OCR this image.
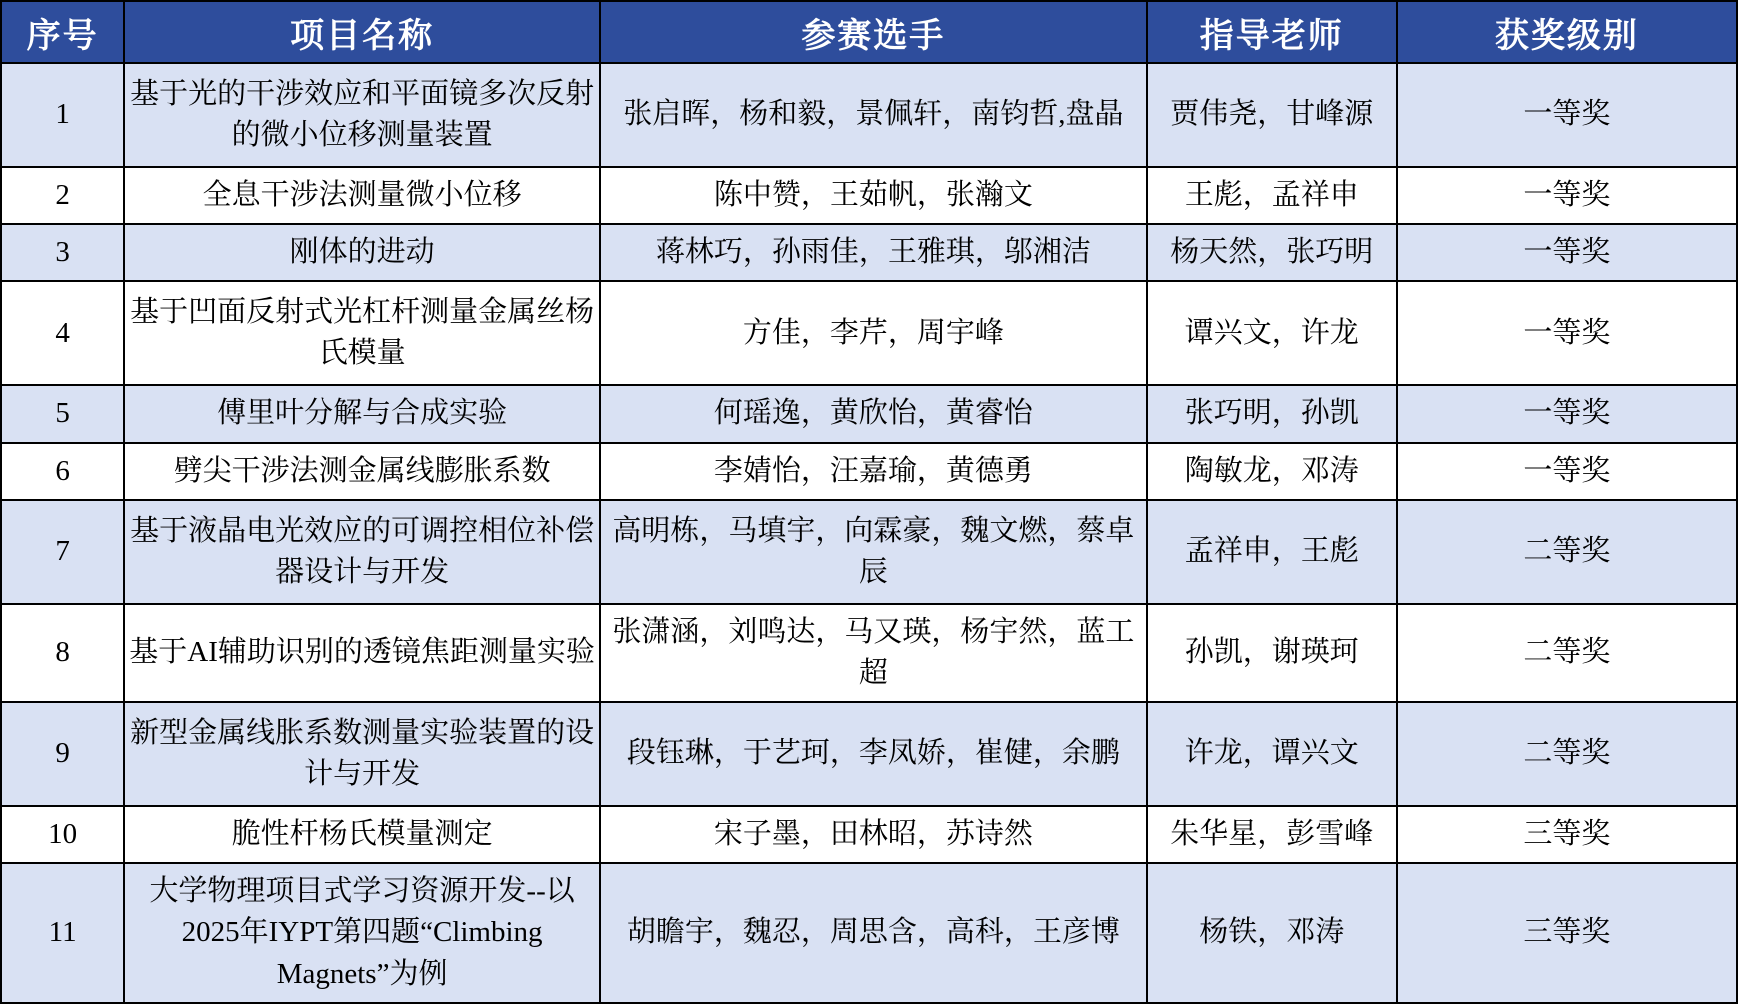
序号	项目名称	参赛选手	指导老师	获奖级别
1	基于光的干涉效应和平面镜多次反射的微小位移测量装置	张启晖，杨和毅，景佩轩，南钧哲,盘晶	贾伟尧，甘峰源	一等奖
2	全息干涉法测量微小位移	陈中赞，王茹帆，张瀚文	王彪，孟祥申	一等奖
3	刚体的进动	蒋林巧，孙雨佳，王雅琪，邬湘洁	杨天然，张巧明	一等奖
4	基于凹面反射式光杠杆测量金属丝杨氏模量	方佳，李芹，周宇峰	谭兴文，许龙	一等奖
5	傅里叶分解与合成实验	何瑶逸，黄欣怡，黄睿怡	张巧明，孙凯	一等奖
6	劈尖干涉法测金属线膨胀系数	李婧怡，汪嘉瑜，黄德勇	陶敏龙，邓涛	一等奖
7	基于液晶电光效应的可调控相位补偿器设计与开发	高明栋，马填宇，向霖豪，魏文燃，蔡卓辰	孟祥申，王彪	二等奖
8	基于AI辅助识别的透镜焦距测量实验	张潇涵，刘鸣达，马又瑛，杨宇然，蓝工超	孙凯，谢瑛珂	二等奖
9	新型金属线胀系数测量实验装置的设计与开发	段钰琳，于艺珂，李凤娇，崔健，余鹏	许龙，谭兴文	二等奖
10	脆性杆杨氏模量测定	宋子墨，田林昭，苏诗然	朱华星，彭雪峰	三等奖
11	大学物理项目式学习资源开发--以2025年IYPT第四题“Climbing Magnets”为例	胡瞻宇，魏忍，周思含，高科，王彦博	杨铁，邓涛	三等奖
